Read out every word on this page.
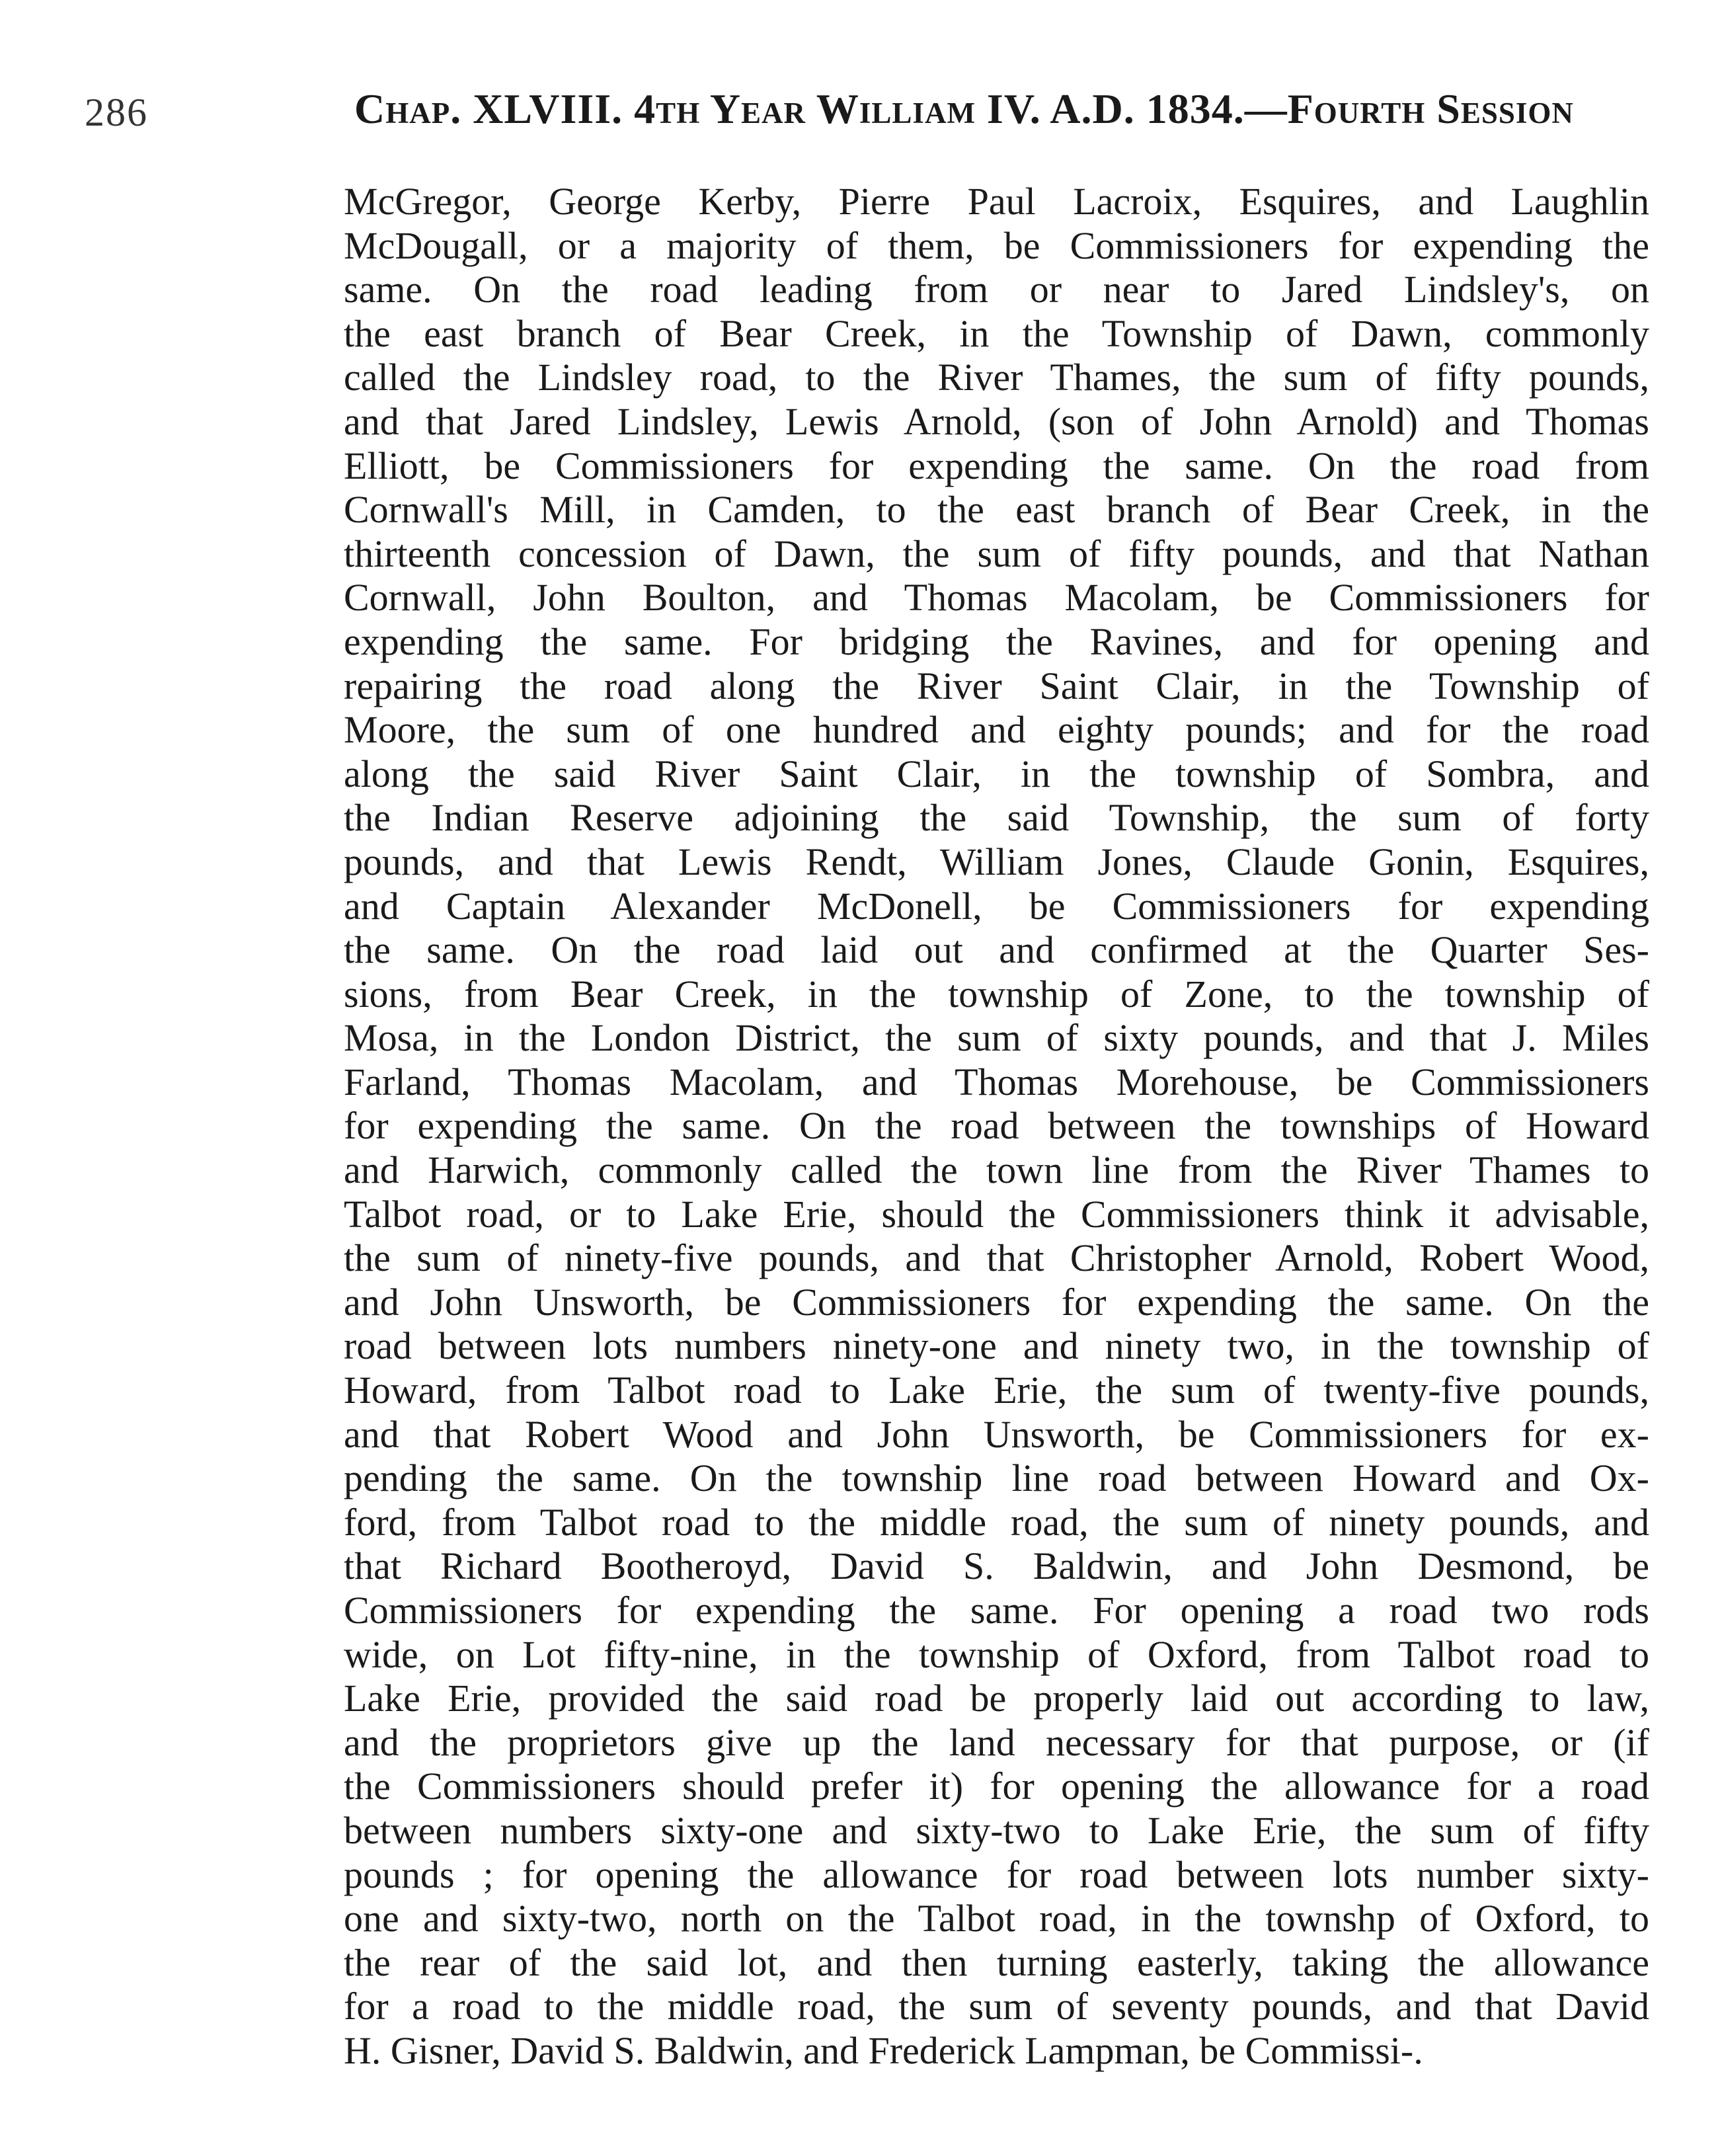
286	Chap. XLVIII. 4th Year William IV. A.D. 1834.—Fourth Session
McGregor, George Kerby, Pierre Paul Lacroix, Esquires, and Laughlin
McDougall, or a majority of them, be Commissioners for expending the
same. On the road leading from or near to Jared Lindsley's, on
the east branch of Bear Creek, in the Township of Dawn, commonly
called the Lindsley road, to the River Thames, the sum of fifty pounds,
and that Jared Lindsley, Lewis Arnold, (son of John Arnold) and Thomas
Elliott, be Commissioners for expending the same. On the road from
Cornwall's Mill, in Camden, to the east branch of Bear Creek, in the
thirteenth concession of Dawn, the sum of fifty pounds, and that Nathan
Cornwall, John Boulton, and Thomas Macolam, be Commissioners for
expending the same. For bridging the Ravines, and for opening and
repairing the road along the River Saint Clair, in the Township of
Moore, the sum of one hundred and eighty pounds; and for the road
along the said River Saint Clair, in the township of Sombra, and
the Indian Reserve adjoining the said Township, the sum of forty
pounds, and that Lewis Rendt, William Jones, Claude Gonin, Esquires,
and Captain Alexander McDonell, be Commissioners for expending
the same. On the road laid out and confirmed at the Quarter Ses-
sions, from Bear Creek, in the township of Zone, to the township of
Mosa, in the London District, the sum of sixty pounds, and that J. Miles
Farland, Thomas Macolam, and Thomas Morehouse, be Commissioners
for expending the same. On the road between the townships of Howard
and Harwich, commonly called the town line from the River Thames to
Talbot road, or to Lake Erie, should the Commissioners think it advisable,
the sum of ninety-five pounds, and that Christopher Arnold, Robert Wood,
and John Unsworth, be Commissioners for expending the same. On the
road between lots numbers ninety-one and ninety two, in the township of
Howard, from Talbot road to Lake Erie, the sum of twenty-five pounds,
and that Robert Wood and John Unsworth, be Commissioners for ex-
pending the same. On the township line road between Howard and Ox-
ford, from Talbot road to the middle road, the sum of ninety pounds, and
that Richard Bootheroyd, David S. Baldwin, and John Desmond, be
Commissioners for expending the same. For opening a road two rods
wide, on Lot fifty-nine, in the township of Oxford, from Talbot road to
Lake Erie, provided the said road be properly laid out according to law,
and the proprietors give up the land necessary for that purpose, or (if
the Commissioners should prefer it) for opening the allowance for a road
between numbers sixty-one and sixty-two to Lake Erie, the sum of fifty
pounds ; for opening the allowance for road between lots number sixty-
one and sixty-two, north on the Talbot road, in the townshp of Oxford, to
the rear of the said lot, and then turning easterly, taking the allowance
for a road to the middle road, the sum of seventy pounds, and that David
H. Gisner, David S. Baldwin, and Frederick Lampman, be Commissi-.
